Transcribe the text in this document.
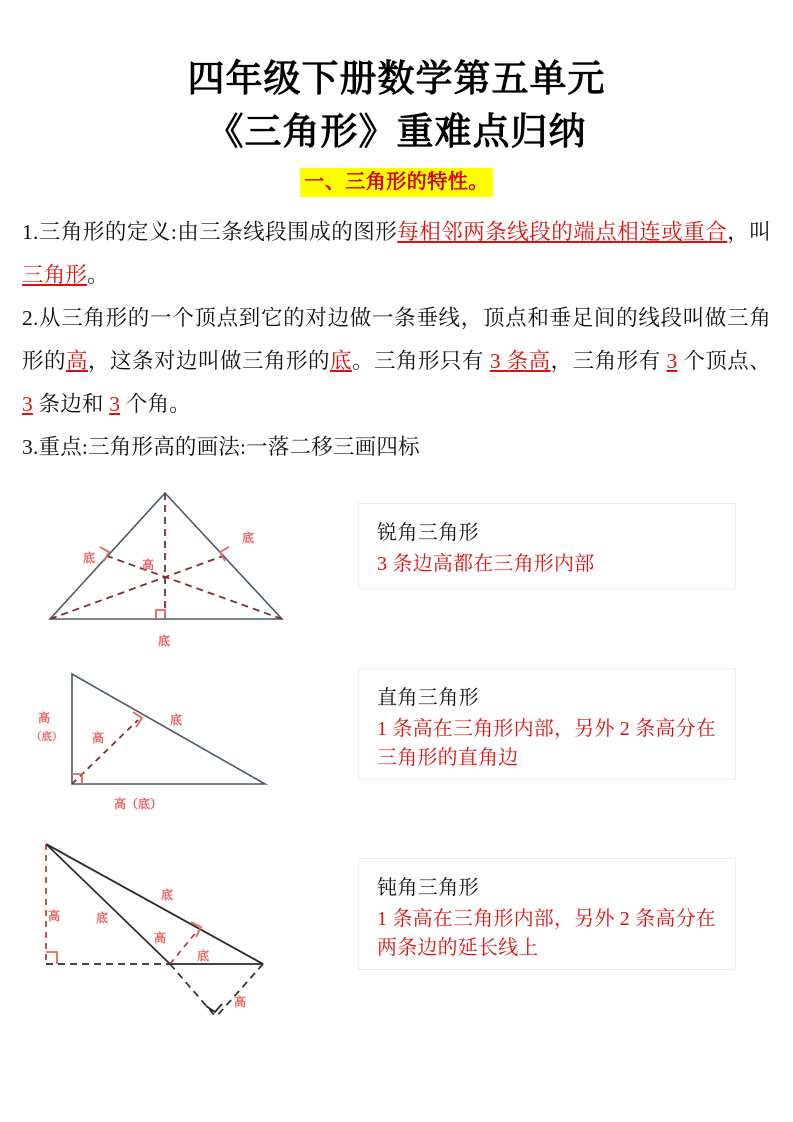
四年级下册数学第五单元
《三角形》重难点归纳
一、三角形的特性。
1.三角形的定义:由三条线段围成的图形每相邻两条线段的端点相连或重合，叫三角形。
2.从三角形的一个顶点到它的对边做一条垂线，顶点和垂足间的线段叫做三角形的高，这条对边叫做三角形的底。三角形只有 3 条高，三角形有 3 个顶点、 3 条边和 3 个角。
3.重点:三角形高的画法:一落二移三画四标
底
底
底
高
锐角三角形
3 条边高都在三角形内部
高
（底）
高（底）
底
高
直角三角形
1 条高在三角形内部，另外 2 条高分在三角形的直角边
高	底
底
高
底
高
钝角三角形
1 条高在三角形内部，另外 2 条高分在两条边的延长线上
